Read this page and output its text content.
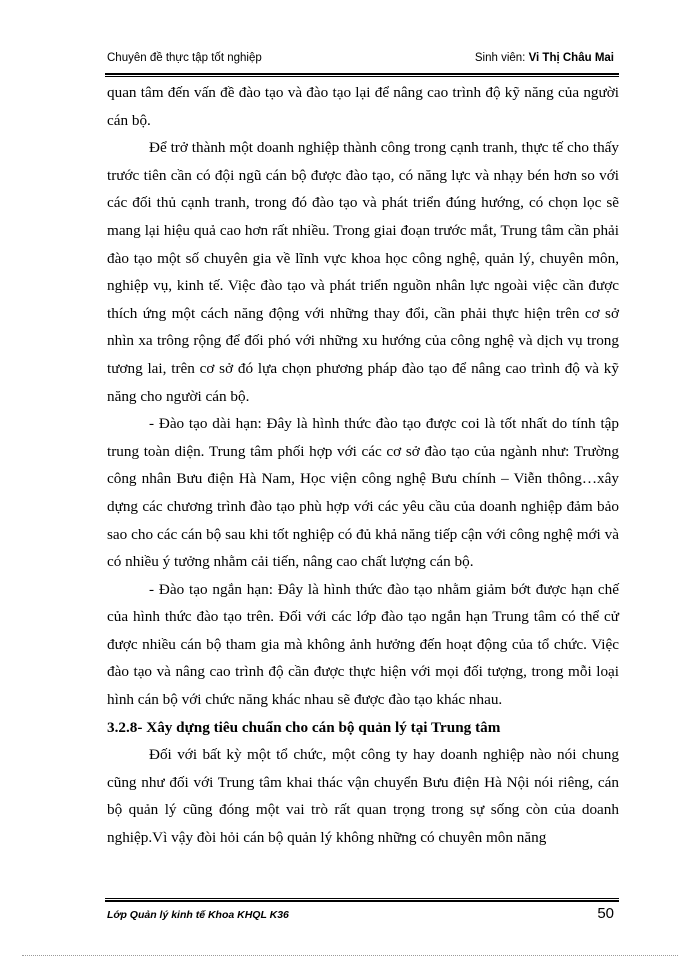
Chuyên đề thực tập tốt nghiệp	Sinh viên: Vi Thị Châu Mai

quan tâm đến vấn đề đào tạo và đào tạo lại để nâng cao trình độ kỹ năng của người cán bộ.

Để trở thành một doanh nghiệp thành công trong cạnh tranh, thực tế cho thấy trước tiên cần có đội ngũ cán bộ được đào tạo, có năng lực và nhạy bén hơn so với các đối thủ cạnh tranh, trong đó đào tạo và phát triển đúng hướng, có chọn lọc sẽ mang lại hiệu quả cao hơn rất nhiều. Trong giai đoạn trước mắt, Trung tâm cần phải đào tạo một số chuyên gia về lĩnh vực khoa học công nghệ, quản lý, chuyên môn, nghiệp vụ, kinh tế. Việc đào tạo và phát triển nguồn nhân lực ngoài việc cần được thích ứng một cách năng động với những thay đổi, cần phải thực hiện trên cơ sở nhìn xa trông rộng để đối phó với những xu hướng của công nghệ và dịch vụ trong tương lai, trên cơ sở đó lựa chọn phương pháp đào tạo để nâng cao trình độ và kỹ năng cho người cán bộ.

- Đào tạo dài hạn: Đây là hình thức đào tạo được coi là tốt nhất do tính tập trung toàn diện. Trung tâm phối hợp với các cơ sở đào tạo của ngành như: Trường công nhân Bưu điện Hà Nam, Học viện công nghệ Bưu chính – Viễn thông…xây dựng các chương trình đào tạo phù hợp với các yêu cầu của doanh nghiệp đảm bảo sao cho các cán bộ sau khi tốt nghiệp có đủ khả năng tiếp cận với công nghệ mới và có nhiều ý tưởng nhằm cải tiến, nâng cao chất lượng cán bộ.

- Đào tạo ngắn hạn: Đây là hình thức đào tạo nhằm giảm bớt được hạn chế của hình thức đào tạo trên. Đối với các lớp đào tạo ngắn hạn Trung tâm có thể cử được nhiều cán bộ tham gia mà không ảnh hưởng đến hoạt động của tổ chức. Việc đào tạo và nâng cao trình độ cần được thực hiện với mọi đối tượng, trong mỗi loại hình cán bộ với chức năng khác nhau sẽ được đào tạo khác nhau.

3.2.8- Xây dựng tiêu chuẩn cho cán bộ quản lý tại Trung tâm

Đối với bất kỳ một tổ chức, một công ty hay doanh nghiệp nào nói chung cũng như đối với Trung tâm khai thác vận chuyển Bưu điện Hà Nội nói riêng, cán bộ quản lý cũng đóng một vai trò rất quan trọng trong sự sống còn của doanh nghiệp.Vì vậy đòi hỏi cán bộ quản lý không những có chuyên môn năng

Lớp Quản lý kinh tế Khoa KHQL K36	50
